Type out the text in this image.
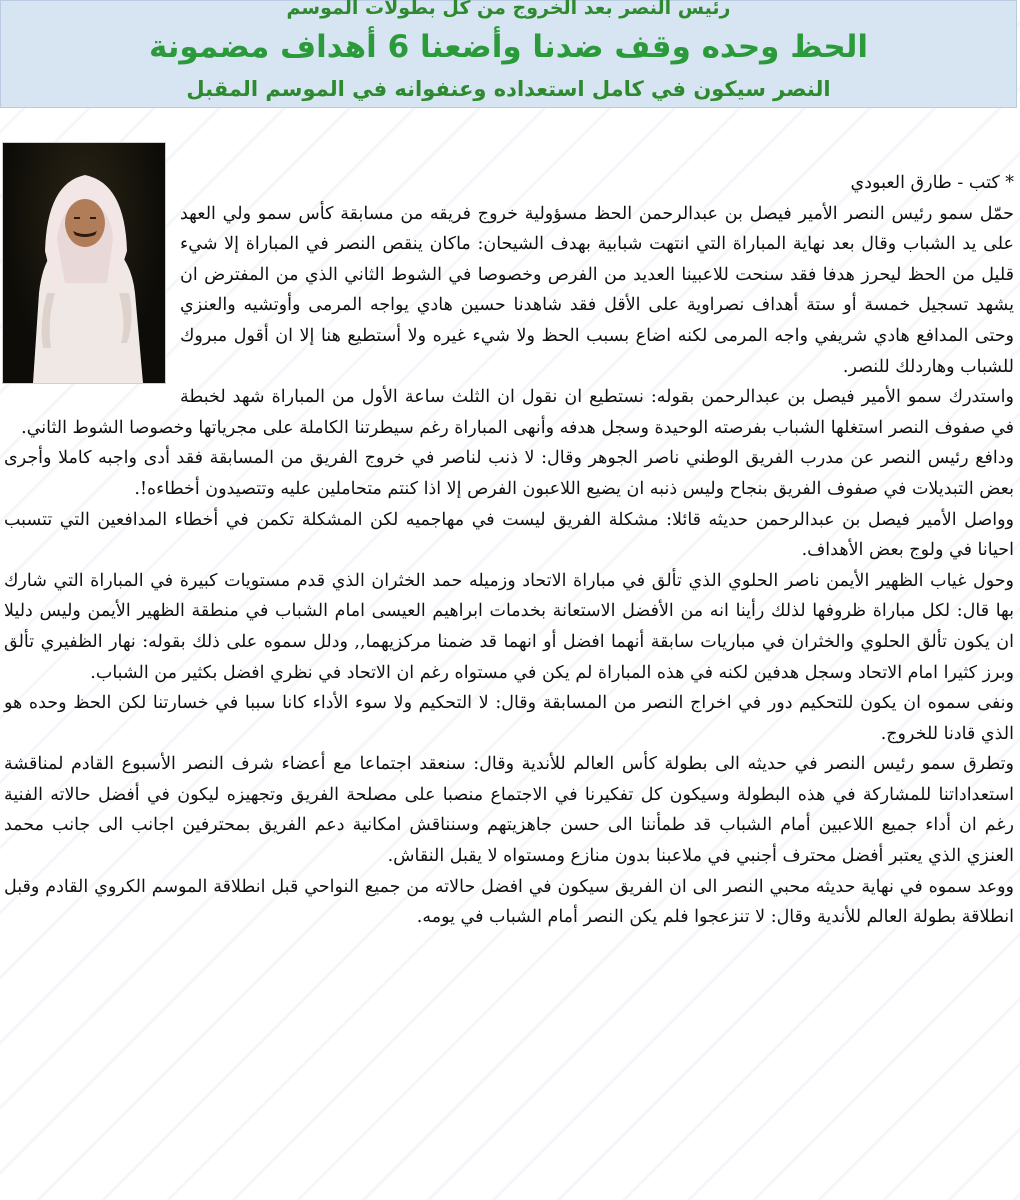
رئيس النصر بعد الخروج من كل بطولات الموسم
الحظ وحده وقف ضدنا وأضعنا 6 أهداف مضمونة
النصر سيكون في كامل استعداده وعنفوانه في الموسم المقبل

* كتب - طارق العبودي

حمّل سمو رئيس النصر الأمير فيصل بن عبدالرحمن الحظ مسؤولية خروج فريقه من مسابقة كأس سمو ولي العهد على يد الشباب وقال بعد نهاية المباراة التي انتهت شبابية بهدف الشيحان: ماكان ينقص النصر في المباراة إلا شيء قليل من الحظ ليحرز هدفا فقد سنحت للاعبينا العديد من الفرص وخصوصا في الشوط الثاني الذي من المفترض ان يشهد تسجيل خمسة أو ستة أهداف نصراوية على الأقل فقد شاهدنا حسين هادي يواجه المرمى وأوتشيه والعنزي وحتى المدافع هادي شريفي واجه المرمى لكنه اضاع بسبب الحظ ولا شيء غيره ولا أستطيع هنا إلا ان أقول مبروك للشباب وهاردلك للنصر.

واستدرك سمو الأمير فيصل بن عبدالرحمن بقوله: نستطيع ان نقول ان الثلث ساعة الأول من المباراة شهد لخبطة في صفوف النصر استغلها الشباب بفرصته الوحيدة وسجل هدفه وأنهى المباراة رغم سيطرتنا الكاملة على مجرياتها وخصوصا الشوط الثاني.

ودافع رئيس النصر عن مدرب الفريق الوطني ناصر الجوهر وقال: لا ذنب لناصر في خروج الفريق من المسابقة فقد أدى واجبه كاملا وأجرى بعض التبديلات في صفوف الفريق بنجاح وليس ذنبه ان يضيع اللاعبون الفرص إلا اذا كنتم متحاملين عليه وتتصيدون أخطاءه!.

وواصل الأمير فيصل بن عبدالرحمن حديثه قائلا: مشكلة الفريق ليست في مهاجميه لكن المشكلة تكمن في أخطاء المدافعين التي تتسبب احيانا في ولوج بعض الأهداف.

وحول غياب الظهير الأيمن ناصر الحلوي الذي تألق في مباراة الاتحاد وزميله حمد الخثران الذي قدم مستويات كبيرة في المباراة التي شارك بها قال: لكل مباراة ظروفها لذلك رأينا انه من الأفضل الاستعانة بخدمات ابراهيم العيسى امام الشباب في منطقة الظهير الأيمن وليس دليلا ان يكون تألق الحلوي والخثران في مباريات سابقة أنهما افضل أو انهما قد ضمنا مركزيهما,, ودلل سموه على ذلك بقوله: نهار الظفيري تألق وبرز كثيرا امام الاتحاد وسجل هدفين لكنه في هذه المباراة لم يكن في مستواه رغم ان الاتحاد في نظري افضل بكثير من الشباب.

ونفى سموه ان يكون للتحكيم دور في اخراج النصر من المسابقة وقال: لا التحكيم ولا سوء الأداء كانا سببا في خسارتنا لكن الحظ وحده هو الذي قادنا للخروج.

وتطرق سمو رئيس النصر في حديثه الى بطولة كأس العالم للأندية وقال: سنعقد اجتماعا مع أعضاء شرف النصر الأسبوع القادم لمناقشة استعداداتنا للمشاركة في هذه البطولة وسيكون كل تفكيرنا في الاجتماع منصبا على مصلحة الفريق وتجهيزه ليكون في أفضل حالاته الفنية رغم ان أداء جميع اللاعبين أمام الشباب قد طمأننا الى حسن جاهزيتهم وسنناقش امكانية دعم الفريق بمحترفين اجانب الى جانب محمد العنزي الذي يعتبر أفضل محترف أجنبي في ملاعبنا بدون منازع ومستواه لا يقبل النقاش.

ووعد سموه في نهاية حديثه محبي النصر الى ان الفريق سيكون في افضل حالاته من جميع النواحي قبل انطلاقة الموسم الكروي القادم وقبل انطلاقة بطولة العالم للأندية وقال: لا تنزعجوا فلم يكن النصر أمام الشباب في يومه.
